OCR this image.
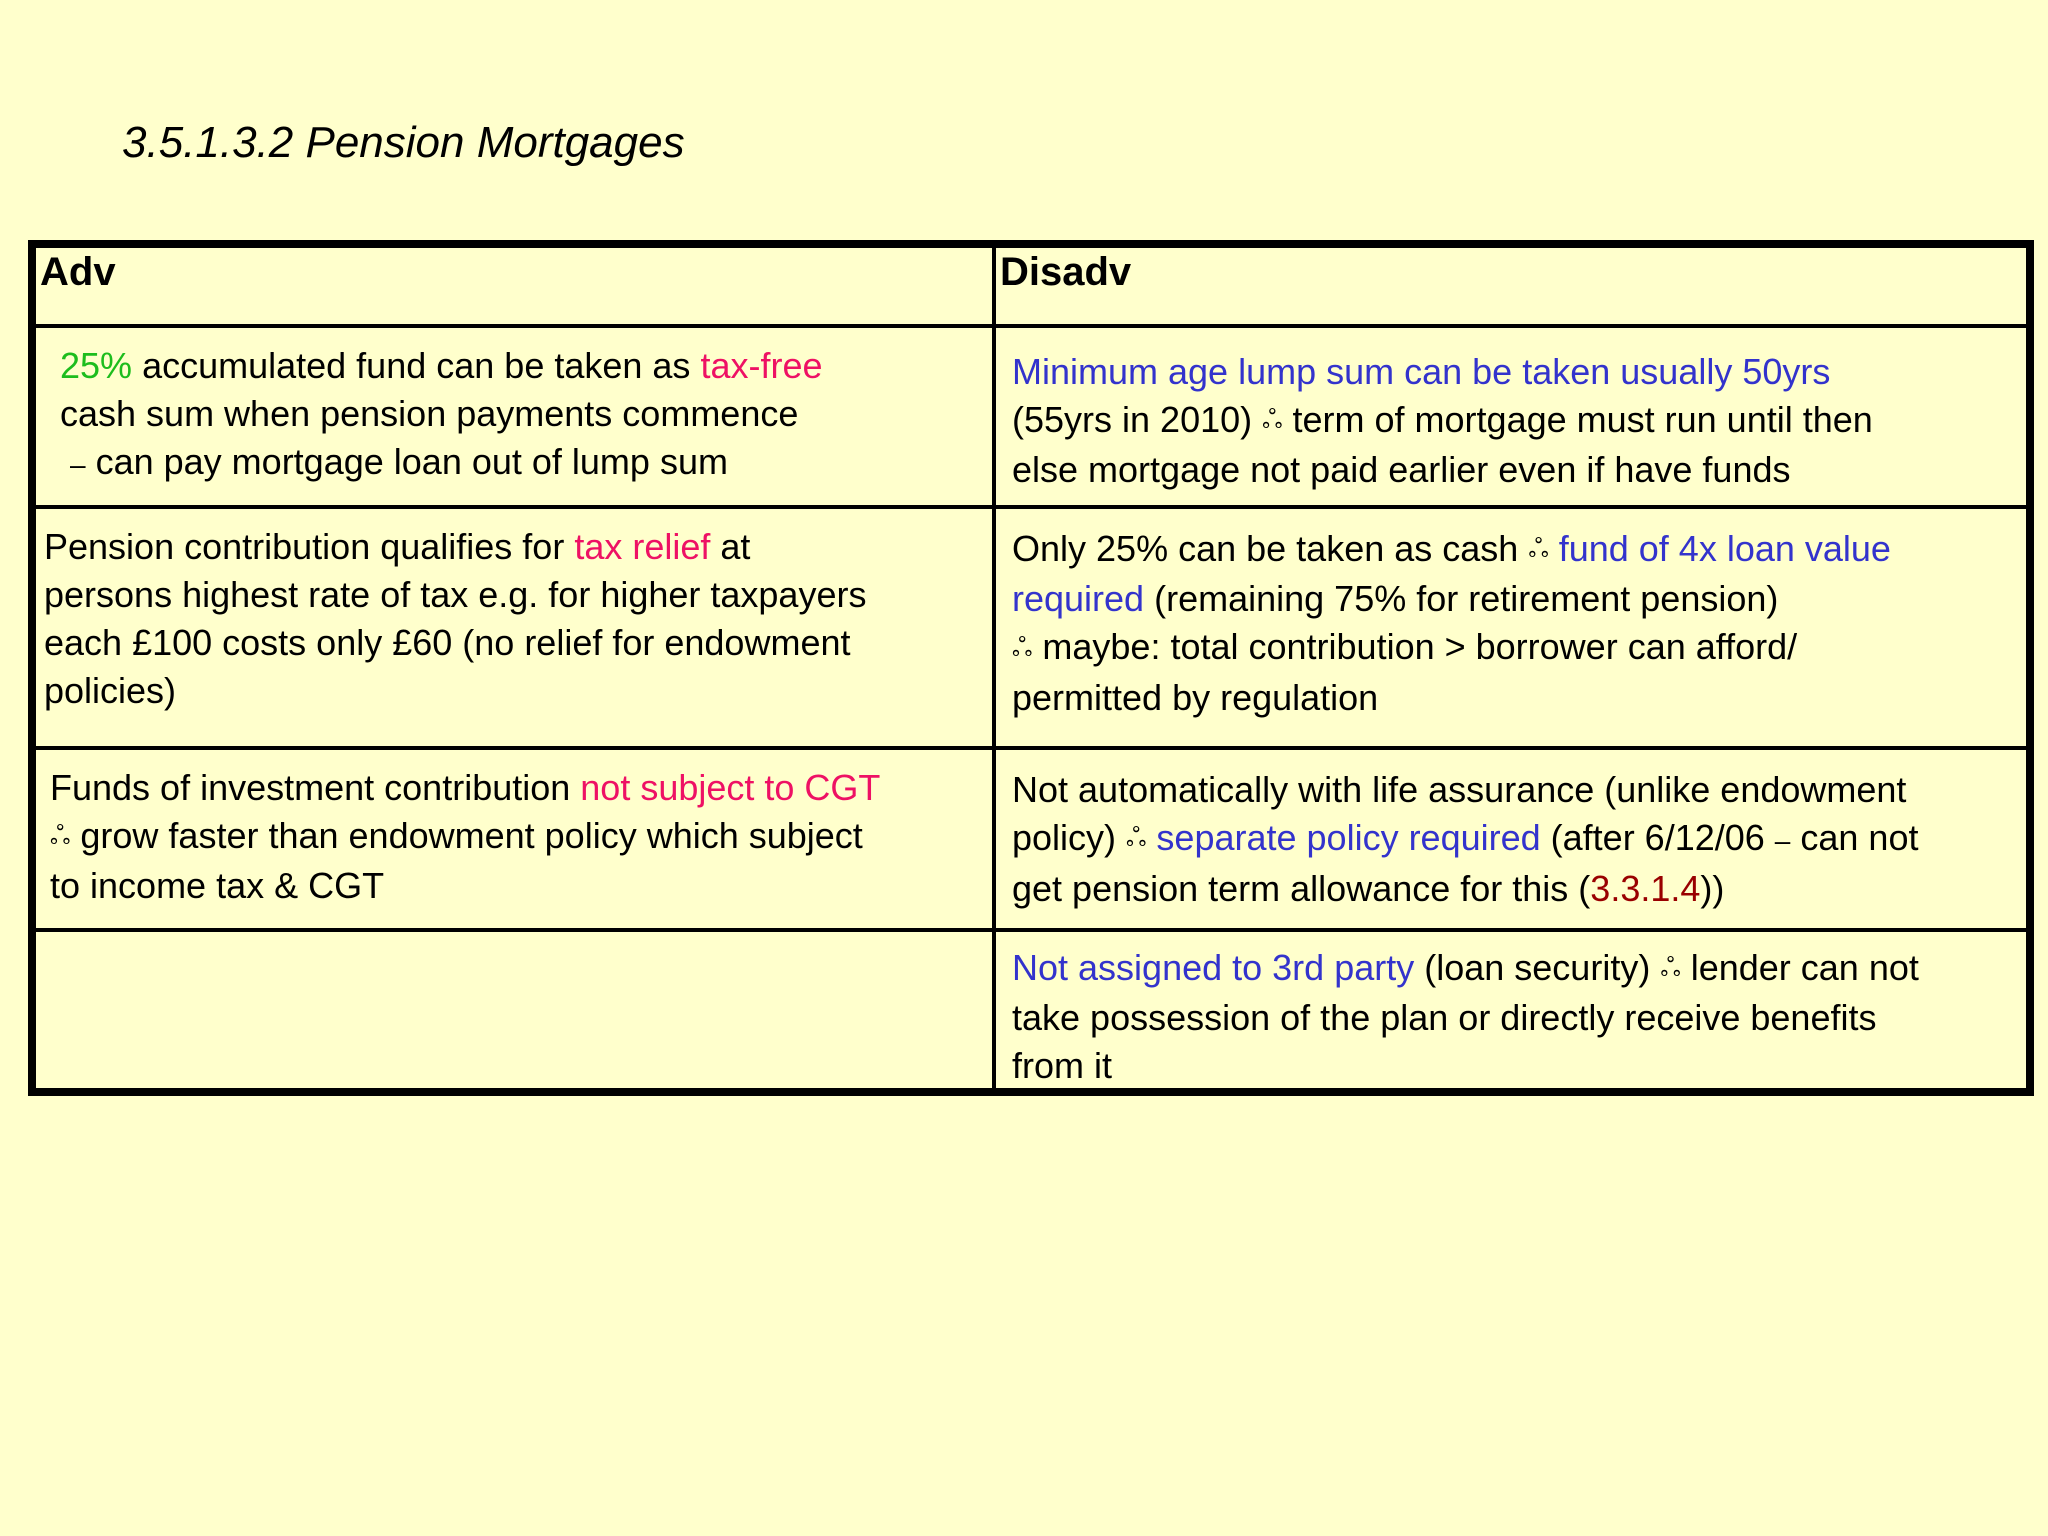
3.5.1.3.2 Pension Mortgages
Adv	Disadv
25% accumulated fund can be taken as tax-free
cash sum when pension payments commence
– can pay mortgage loan out of lump sum
Minimum age lump sum can be taken usually 50yrs
(55yrs in 2010) ஃ term of mortgage must run until then
else mortgage not paid earlier even if have funds
Pension contribution qualifies for tax relief at
persons highest rate of tax e.g. for higher taxpayers
each £100 costs only £60 (no relief for endowment
policies)
Only 25% can be taken as cash ஃ fund of 4x loan value
required (remaining 75% for retirement pension)
ஃ maybe: total contribution > borrower can afford/
permitted by regulation
Funds of investment contribution not subject to CGT
ஃ grow faster than endowment policy which subject
to income tax & CGT
Not automatically with life assurance (unlike endowment
policy) ஃ separate policy required (after 6/12/06 – can not
get pension term allowance for this (3.3.1.4))
Not assigned to 3rd party (loan security) ஃ lender can not
take possession of the plan or directly receive benefits
from it
